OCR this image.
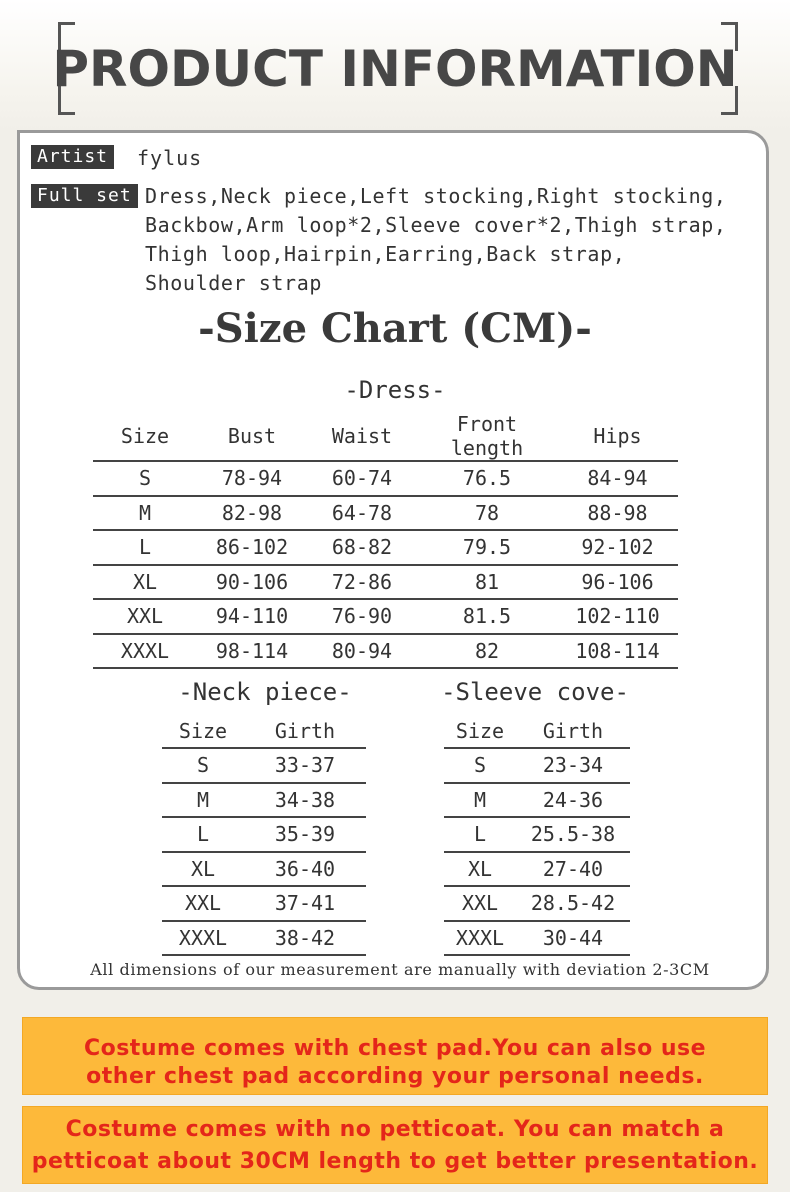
PRODUCT INFORMATION
Artist	fylus
Full set Dress,Neck piece,Left stocking,Right stocking,
Backbow,Arm loop*2,Sleeve cover*2,Thigh strap,
Thigh loop,Hairpin,Earring,Back strap,
Shoulder strap
-Size Chart (CM)-
-Dress-
Size	Bust	Waist	Front length	Hips
S	78-94	60-74	76.5	84-94
M	82-98	64-78	78	88-98
L	86-102	68-82	79.5	92-102
XL	90-106	72-86	81	96-106
XXL	94-110	76-90	81.5	102-110
XXXL	98-114	80-94	82	108-114
-Neck piece-
Size	Girth
S	33-37
M	34-38
L	35-39
XL	36-40
XXL	37-41
XXXL	38-42
-Sleeve cove-
Size	Girth
S	23-34
M	24-36
L	25.5-38
XL	27-40
XXL	28.5-42
XXXL	30-44
All dimensions of our measurement are manually with deviation 2-3CM
Costume comes with chest pad.You can also use
other chest pad according your personal needs.
Costume comes with no petticoat. You can match a
petticoat about 30CM length to get better presentation.
